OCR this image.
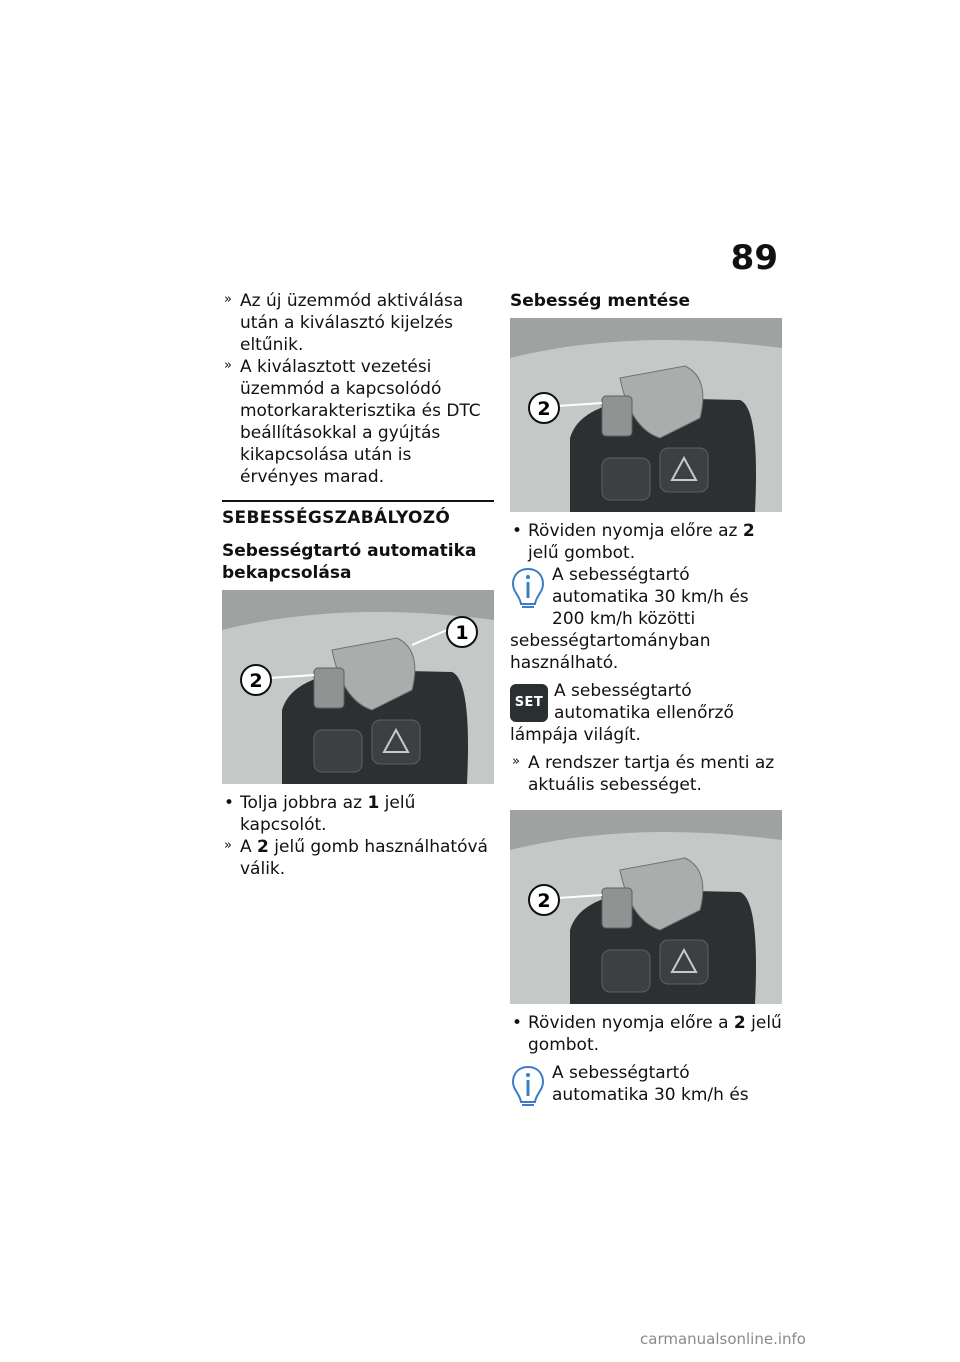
89

» Az új üzemmód aktiválása után a kiválasztó kijelzés eltűnik.

» A kiválasztott vezetési üzemmód a kapcsolódó motorkarakterisztika és DTC beállításokkal a gyújtás kikapcsolása után is érvényes marad.

SEBESSÉGSZABÁLYOZÓ

Sebességtartó automatika bekapcsolása

1
2

• Tolja jobbra az 1 jelű kapcsolót.

» A 2 jelű gomb használhatóvá válik.

Sebesség mentése

2

• Röviden nyomja előre az 2 jelű gombot.

A sebességtartó automatika 30 km/h és 200 km/h közötti sebességtartományban használható.

SET

A sebességtartó automatika ellenőrző lámpája világít.

» A rendszer tartja és menti az aktuális sebességet.

2

• Röviden nyomja előre a 2 jelű gombot.

A sebességtartó automatika 30 km/h és

carmanualsonline.info
